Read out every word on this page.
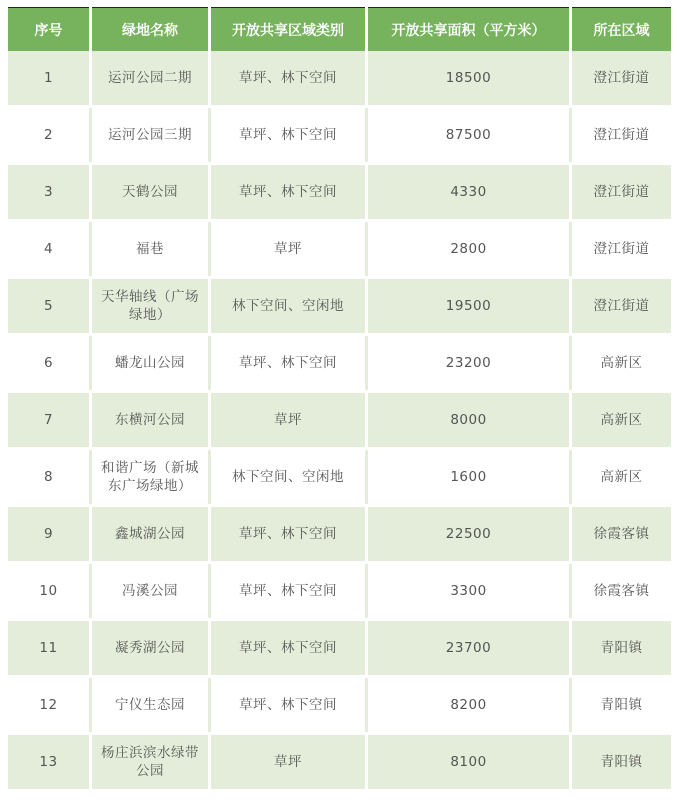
序号	绿地名称	开放共享区域类别	开放共享面积（平方米）	所在区域
1	运河公园二期	草坪、林下空间	18500	澄江街道
2	运河公园三期	草坪、林下空间	87500	澄江街道
3	天鹤公园	草坪、林下空间	4330	澄江街道
4	福巷	草坪	2800	澄江街道
5	天华轴线（广场绿地）	林下空间、空闲地	19500	澄江街道
6	蟠龙山公园	草坪、林下空间	23200	高新区
7	东横河公园	草坪	8000	高新区
8	和谐广场（新城东广场绿地）	林下空间、空闲地	1600	高新区
9	鑫城湖公园	草坪、林下空间	22500	徐霞客镇
10	冯溪公园	草坪、林下空间	3300	徐霞客镇
11	凝秀湖公园	草坪、林下空间	23700	青阳镇
12	宁仪生态园	草坪、林下空间	8200	青阳镇
13	杨庄浜滨水绿带公园	草坪	8100	青阳镇
